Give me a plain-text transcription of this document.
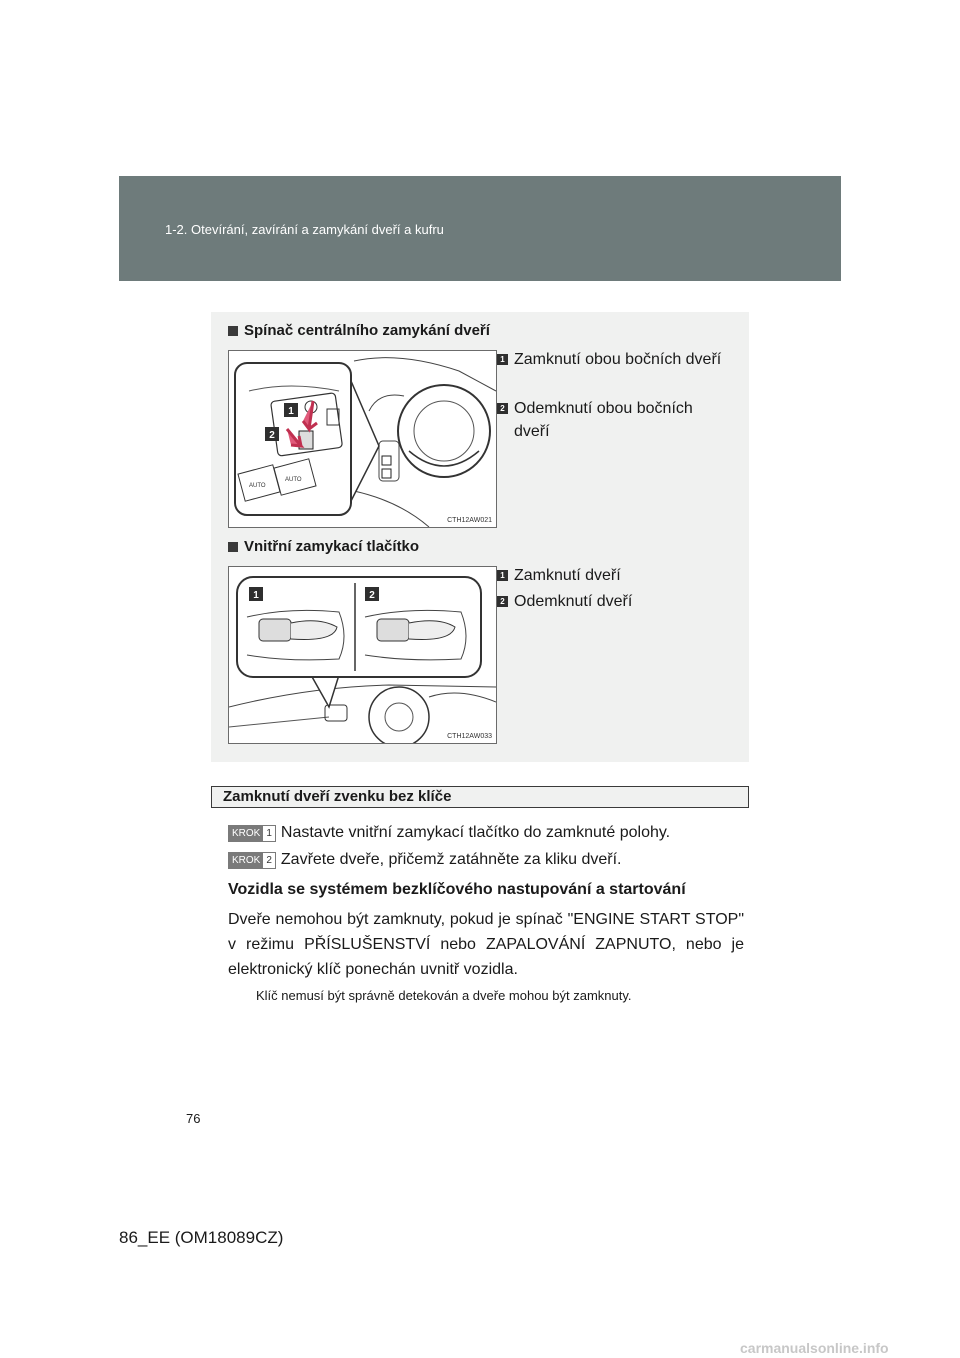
1-2. Otevírání, zavírání a zamykání dveří a kufru
Spínač centrálního zamykání dveří
AUTO
AUTO
1
2
CTH12AW021
1 Zamknutí obou bočních dveří
2 Odemknutí obou bočních dveří
Vnitřní zamykací tlačítko
1	2
CTH12AW033
1 Zamknutí dveří
2 Odemknutí dveří
Zamknutí dveří zvenku bez klíče
KROK 1 Nastavte vnitřní zamykací tlačítko do zamknuté polohy.
KROK 2 Zavřete dveře, přičemž zatáhněte za kliku dveří.
Vozidla se systémem bezklíčového nastupování a startování
Dveře nemohou být zamknuty, pokud je spínač "ENGINE START STOP" v režimu PŘÍSLUŠENSTVÍ nebo ZAPALOVÁNÍ ZAPNUTO, nebo je elektronický klíč ponechán uvnitř vozidla.
Klíč nemusí být správně detekován a dveře mohou být zamknuty.
76
86_EE (OM18089CZ)
carmanualsonline.info
